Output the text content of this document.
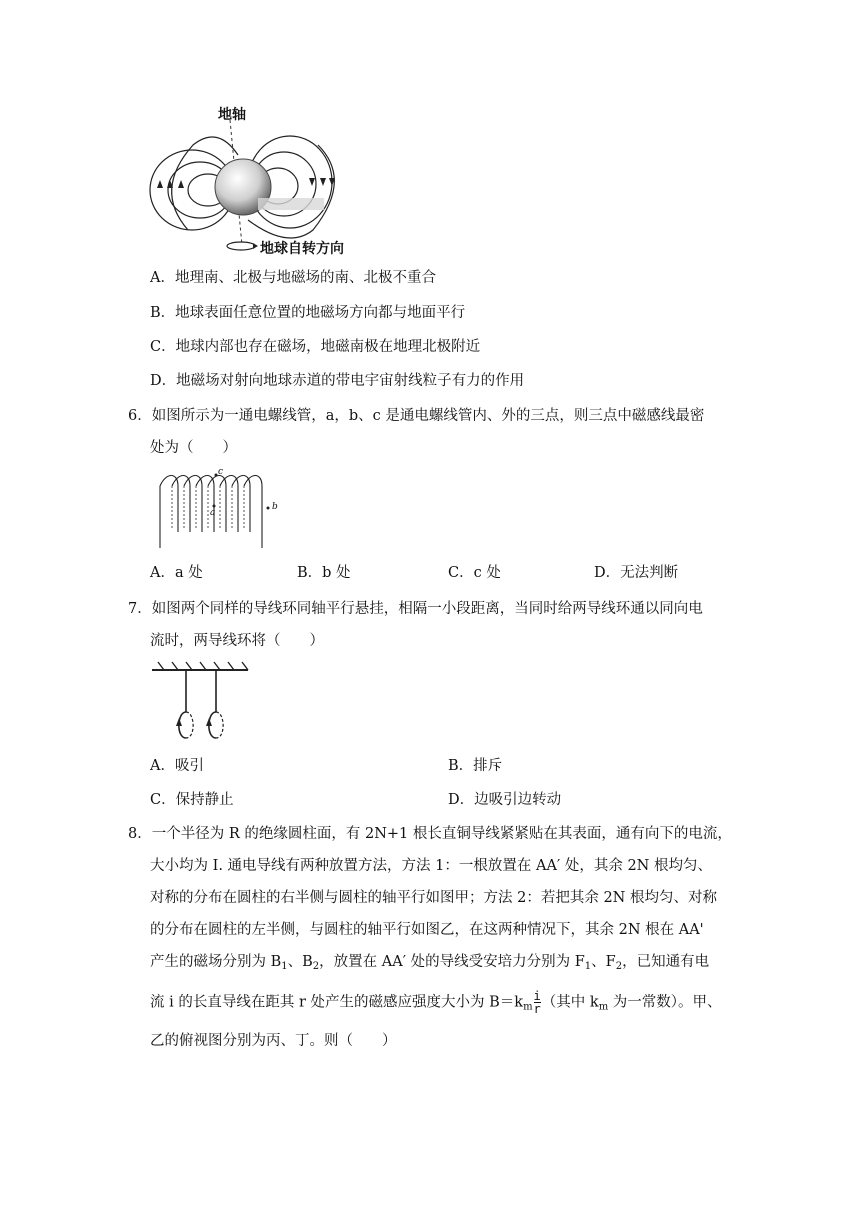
地轴
地球自转方向
A．地理南、北极与地磁场的南、北极不重合
B．地球表面任意位置的地磁场方向都与地面平行
C．地球内部也存在磁场，地磁南极在地理北极附近
D．地磁场对射向地球赤道的带电宇宙射线粒子有力的作用
6．如图所示为一通电螺线管，a，b、c 是通电螺线管内、外的三点，则三点中磁感线最密
处为（　　）
a
b
c
A．a 处	B．b 处	C．c 处	D．无法判断
7．如图两个同样的导线环同轴平行悬挂，相隔一小段距离，当同时给两导线环通以同向电
流时，两导线环将（　　）
A．吸引	B．排斥
C．保持静止	D．边吸引边转动
8．一个半径为 R 的绝缘圆柱面，有 2N+1 根长直铜导线紧紧贴在其表面，通有向下的电流，
大小均为 I. 通电导线有两种放置方法，方法 1：一根放置在 AA′ 处，其余 2N 根均匀、
对称的分布在圆柱的右半侧与圆柱的轴平行如图甲；方法 2：若把其余 2N 根均匀、对称
的分布在圆柱的左半侧，与圆柱的轴平行如图乙，在这两种情况下，其余 2N 根在 AA'
产生的磁场分别为 $B_1$、$B_2$，放置在 AA′ 处的导线受安培力分别为 $F_1$、$F_2$，已知通有电
流 i 的长直导线在距其 r 处产生的磁感应强度大小为 $B=k_m \frac{i}{r}$ （其中 $k_m$ 为一常数）。甲、
乙的俯视图分别为丙、丁。则（　　）
